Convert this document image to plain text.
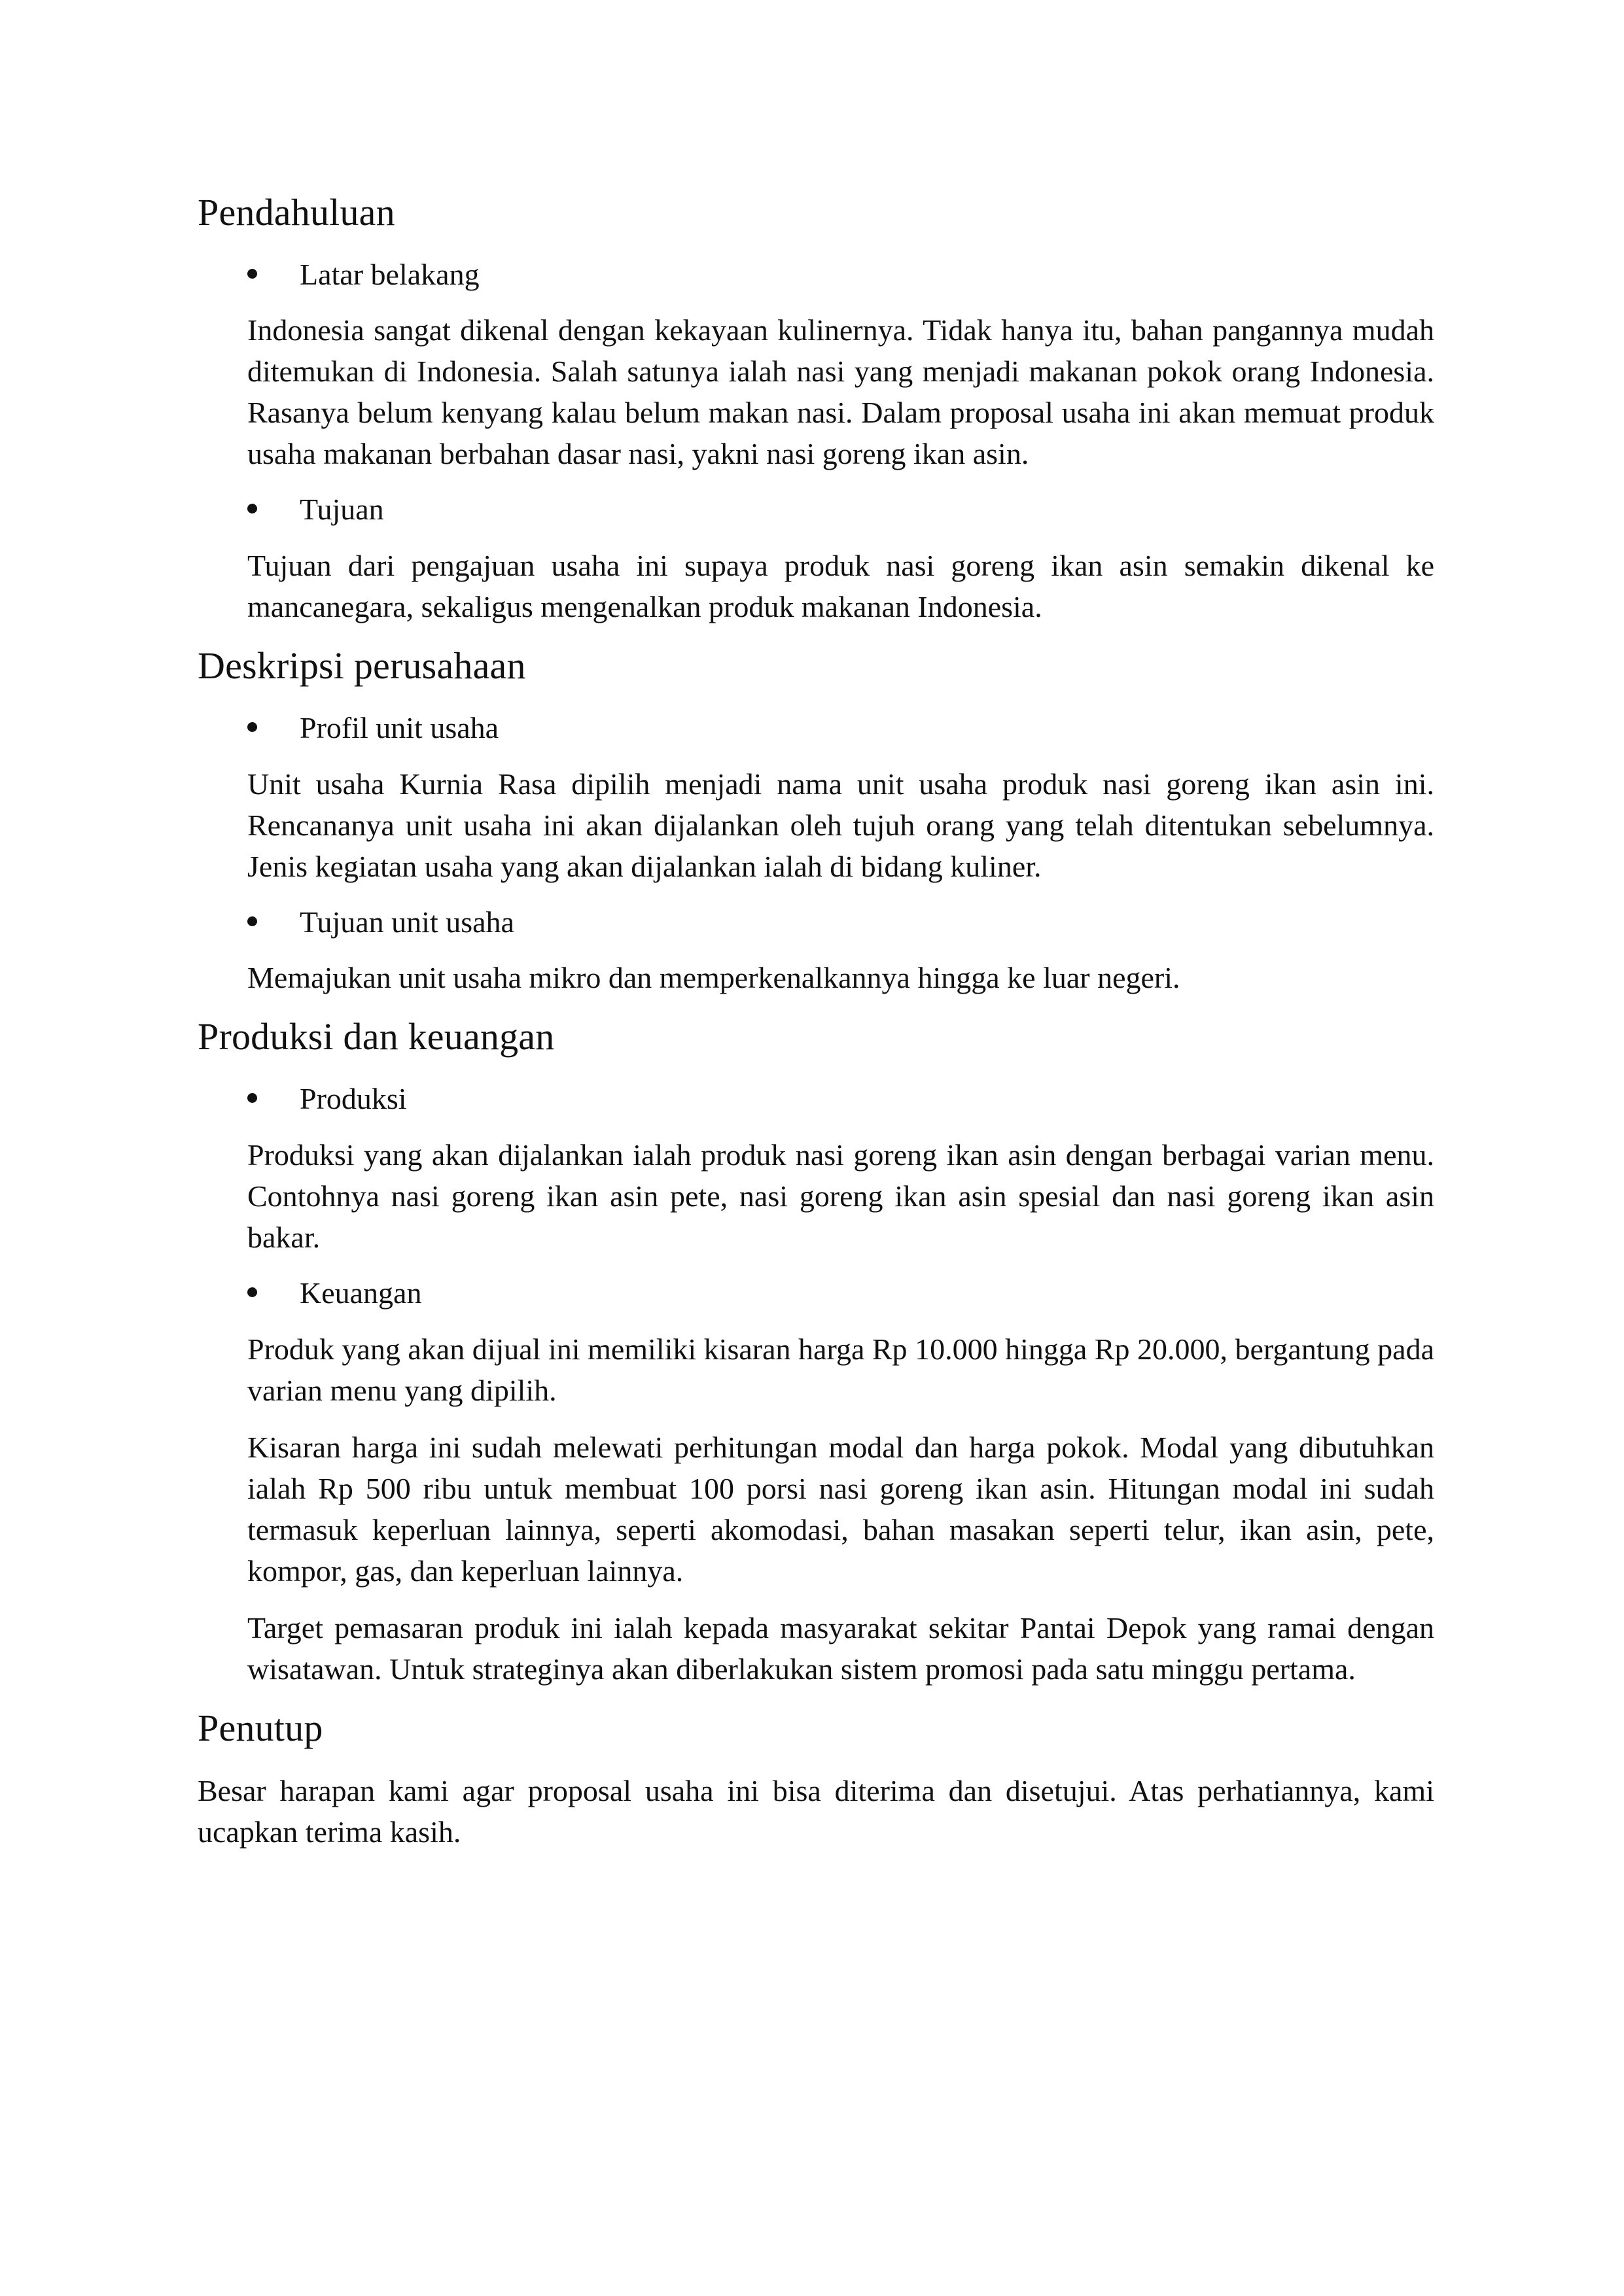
Pendahuluan
Latar belakang

Indonesia sangat dikenal dengan kekayaan kulinernya. Tidak hanya itu, bahan pangannya mudah ditemukan di Indonesia. Salah satunya ialah nasi yang menjadi makanan pokok orang Indonesia. Rasanya belum kenyang kalau belum makan nasi. Dalam proposal usaha ini akan memuat produk usaha makanan berbahan dasar nasi, yakni nasi goreng ikan asin.

Tujuan

Tujuan dari pengajuan usaha ini supaya produk nasi goreng ikan asin semakin dikenal ke mancanegara, sekaligus mengenalkan produk makanan Indonesia.

Deskripsi perusahaan
Profil unit usaha

Unit usaha Kurnia Rasa dipilih menjadi nama unit usaha produk nasi goreng ikan asin ini. Rencananya unit usaha ini akan dijalankan oleh tujuh orang yang telah ditentukan sebelumnya. Jenis kegiatan usaha yang akan dijalankan ialah di bidang kuliner.

Tujuan unit usaha

Memajukan unit usaha mikro dan memperkenalkannya hingga ke luar negeri.

Produksi dan keuangan
Produksi

Produksi yang akan dijalankan ialah produk nasi goreng ikan asin dengan berbagai varian menu. Contohnya nasi goreng ikan asin pete, nasi goreng ikan asin spesial dan nasi goreng ikan asin bakar.

Keuangan

Produk yang akan dijual ini memiliki kisaran harga Rp 10.000 hingga Rp 20.000, bergantung pada varian menu yang dipilih.

Kisaran harga ini sudah melewati perhitungan modal dan harga pokok. Modal yang dibutuhkan ialah Rp 500 ribu untuk membuat 100 porsi nasi goreng ikan asin. Hitungan modal ini sudah termasuk keperluan lainnya, seperti akomodasi, bahan masakan seperti telur, ikan asin, pete, kompor, gas, dan keperluan lainnya.

Target pemasaran produk ini ialah kepada masyarakat sekitar Pantai Depok yang ramai dengan wisatawan. Untuk strateginya akan diberlakukan sistem promosi pada satu minggu pertama.

Penutup

Besar harapan kami agar proposal usaha ini bisa diterima dan disetujui. Atas perhatiannya, kami ucapkan terima kasih.
